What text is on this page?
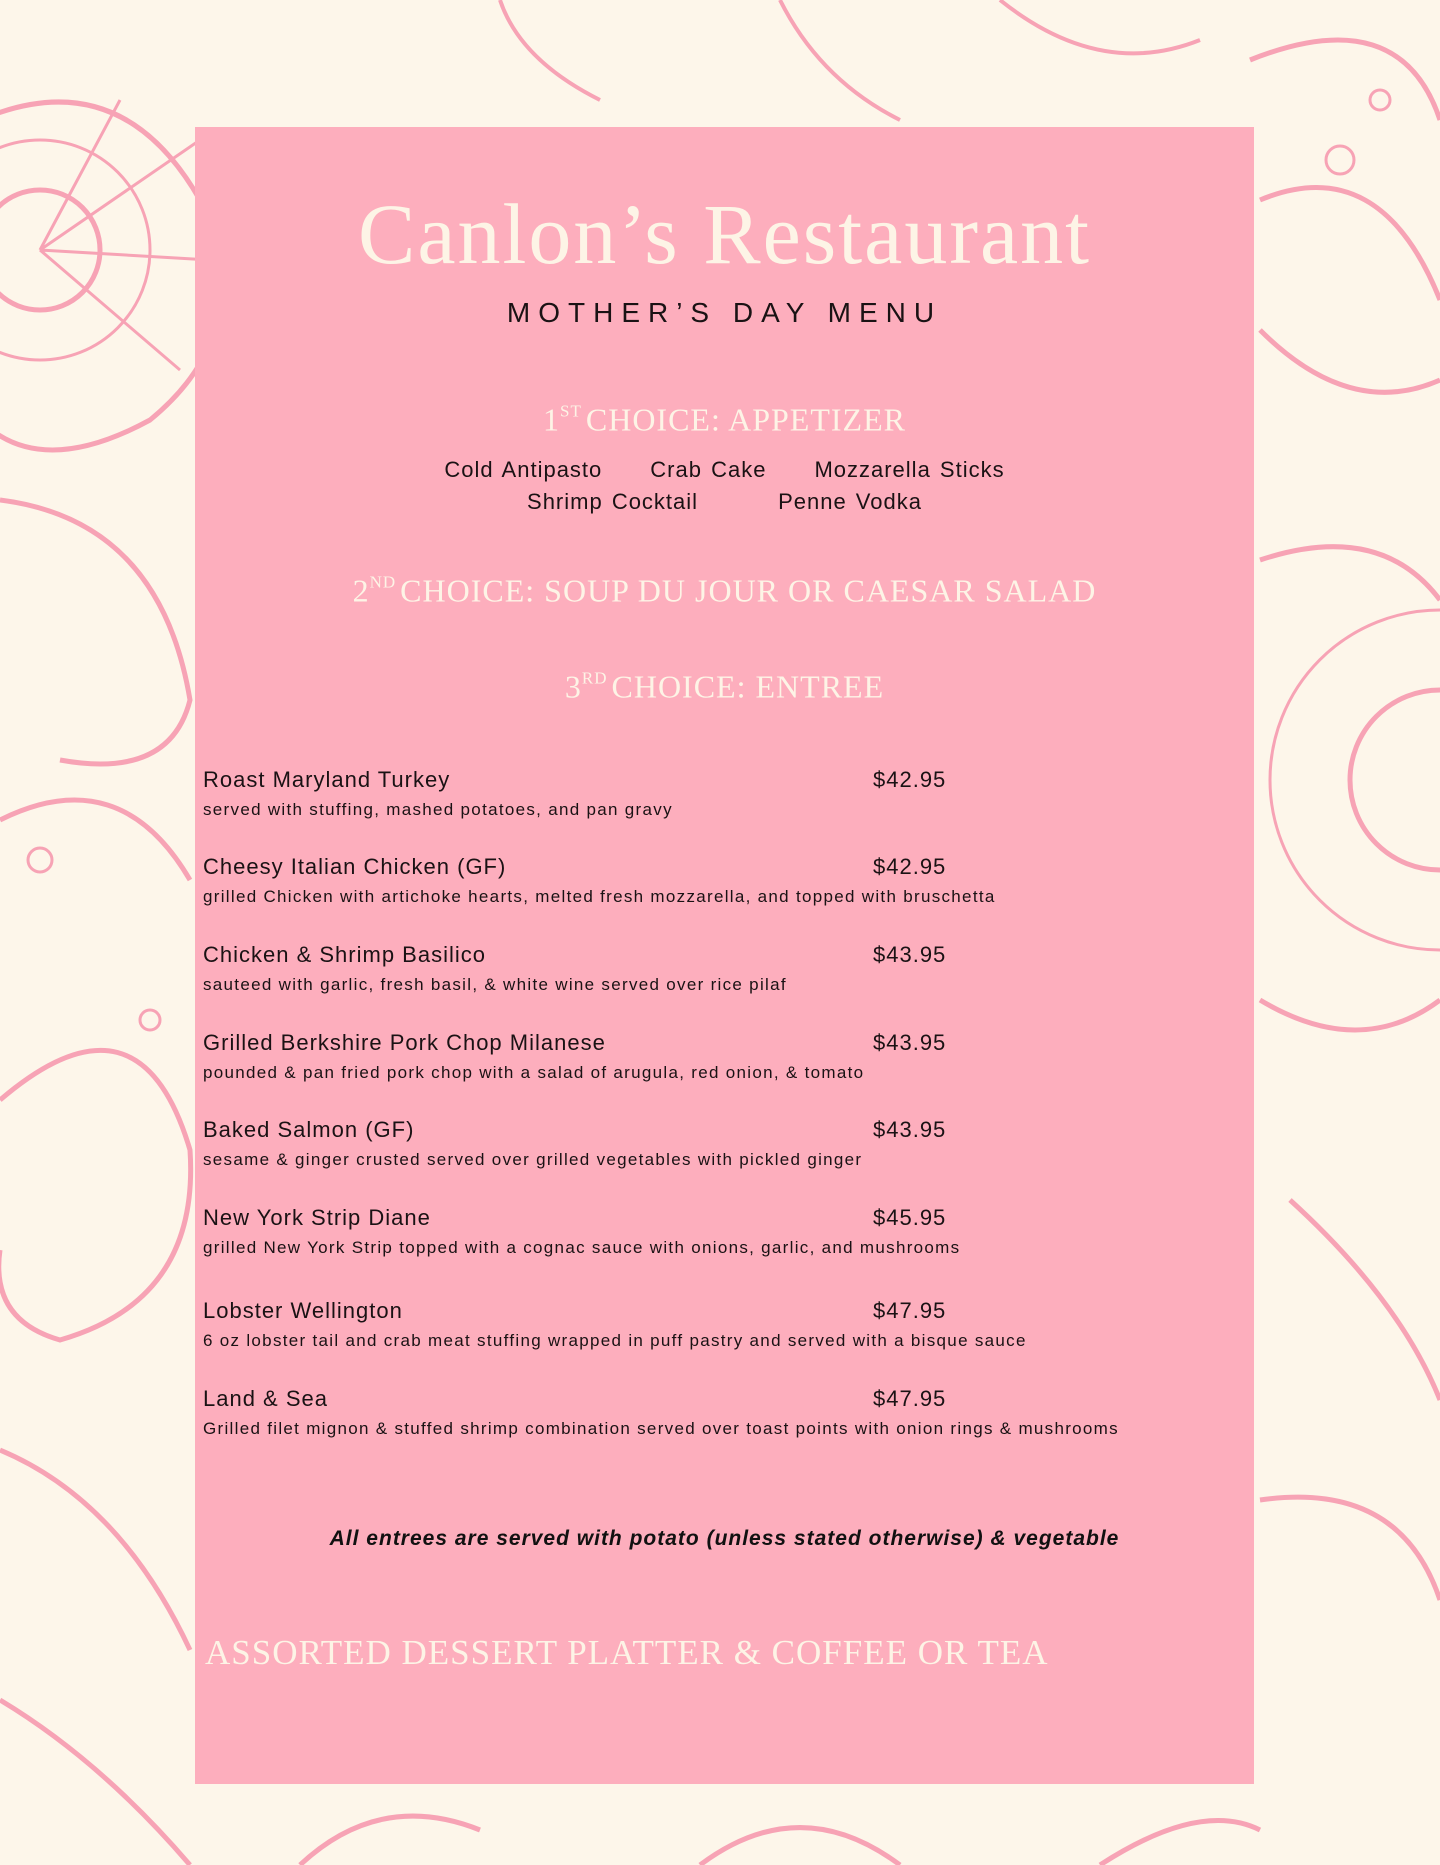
Canlon’s Restaurant
MOTHER’S DAY MENU
1ST CHOICE: APPETIZER
Cold Antipasto Crab Cake Mozzarella Sticks
Shrimp Cocktail	Penne Vodka
2ND CHOICE: SOUP DU JOUR OR CAESAR SALAD
3RD CHOICE: ENTREE
Roast Maryland Turkey	$42.95
served with stuffing, mashed potatoes, and pan gravy
Cheesy Italian Chicken (GF)	$42.95
grilled Chicken with artichoke hearts, melted fresh mozzarella, and topped with bruschetta
Chicken & Shrimp Basilico	$43.95
sauteed with garlic, fresh basil, & white wine served over rice pilaf
Grilled Berkshire Pork Chop Milanese	$43.95
pounded & pan fried pork chop with a salad of arugula, red onion, & tomato
Baked Salmon (GF)	$43.95
sesame & ginger crusted served over grilled vegetables with pickled ginger
New York Strip Diane	$45.95
grilled New York Strip topped with a cognac sauce with onions, garlic, and mushrooms
Lobster Wellington	$47.95
6 oz lobster tail and crab meat stuffing wrapped in puff pastry and served with a bisque sauce
Land & Sea	$47.95
Grilled filet mignon & stuffed shrimp combination served over toast points with onion rings & mushrooms
All entrees are served with potato (unless stated otherwise) & vegetable
ASSORTED DESSERT PLATTER & COFFEE OR TEA
